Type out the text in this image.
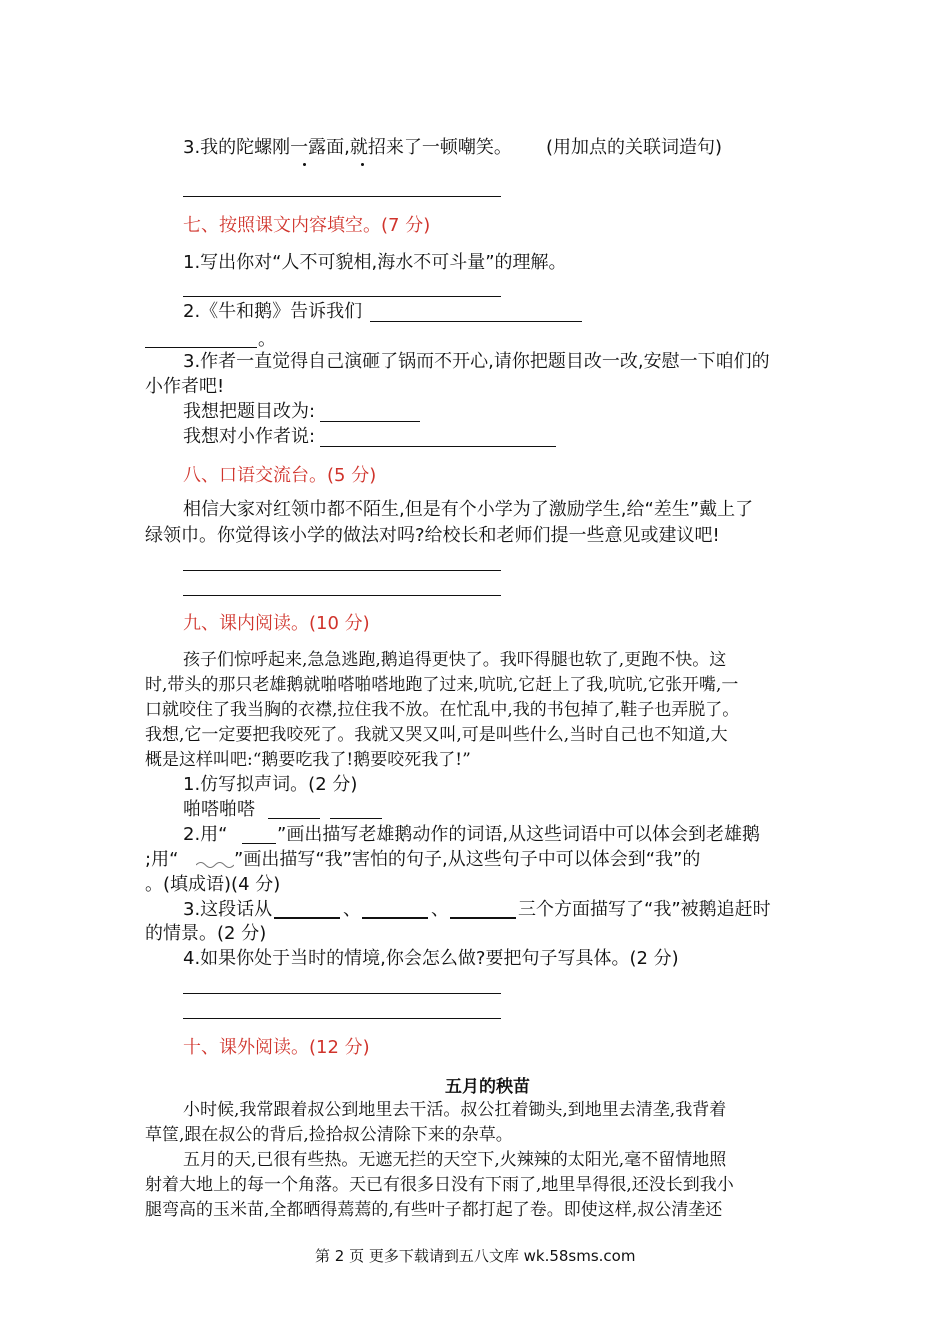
3.我的陀螺刚一露面,就招来了一顿嘲笑。 (用加点的关联词造句)
七、按照课文内容填空。(7 分)
1.写出你对“人不可貌相,海水不可斗量”的理解。
2.《牛和鹅》告诉我们
。
3.作者一直觉得自己演砸了锅而不开心,请你把题目改一改,安慰一下咱们的
小作者吧!
我想把题目改为:
我想对小作者说:
八、口语交流台。(5 分)
相信大家对红领巾都不陌生,但是有个小学为了激励学生,给“差生”戴上了
绿领巾。你觉得该小学的做法对吗?给校长和老师们提一些意见或建议吧!
九、课内阅读。(10 分)
孩子们惊呼起来,急急逃跑,鹅追得更快了。我吓得腿也软了,更跑不快。这
时,带头的那只老雄鹅就啪嗒啪嗒地跑了过来,吭吭,它赶上了我,吭吭,它张开嘴,一
口就咬住了我当胸的衣襟,拉住我不放。在忙乱中,我的书包掉了,鞋子也弄脱了。
我想,它一定要把我咬死了。我就又哭又叫,可是叫些什么,当时自己也不知道,大
概是这样叫吧:“鹅要吃我了!鹅要咬死我了!”
1.仿写拟声词。(2 分)
啪嗒啪嗒
2.用“	”画出描写老雄鹅动作的词语,从这些词语中可以体会到老雄鹅
;用“	”画出描写“我”害怕的句子,从这些句子中可以体会到“我”的
。(填成语)(4 分)
3.这段话从	、	、	三个方面描写了“我”被鹅追赶时
的情景。(2 分)
4.如果你处于当时的情境,你会怎么做?要把句子写具体。(2 分)
十、课外阅读。(12 分)
五月的秧苗
小时候,我常跟着叔公到地里去干活。叔公扛着锄头,到地里去清垄,我背着
草筐,跟在叔公的背后,捡拾叔公清除下来的杂草。
五月的天,已很有些热。无遮无拦的天空下,火辣辣的太阳光,毫不留情地照
射着大地上的每一个角落。天已有很多日没有下雨了,地里旱得很,还没长到我小
腿弯高的玉米苗,全都晒得蔫蔫的,有些叶子都打起了卷。即使这样,叔公清垄还
第 2 页 更多下载请到五八文库 wk.58sms.com
